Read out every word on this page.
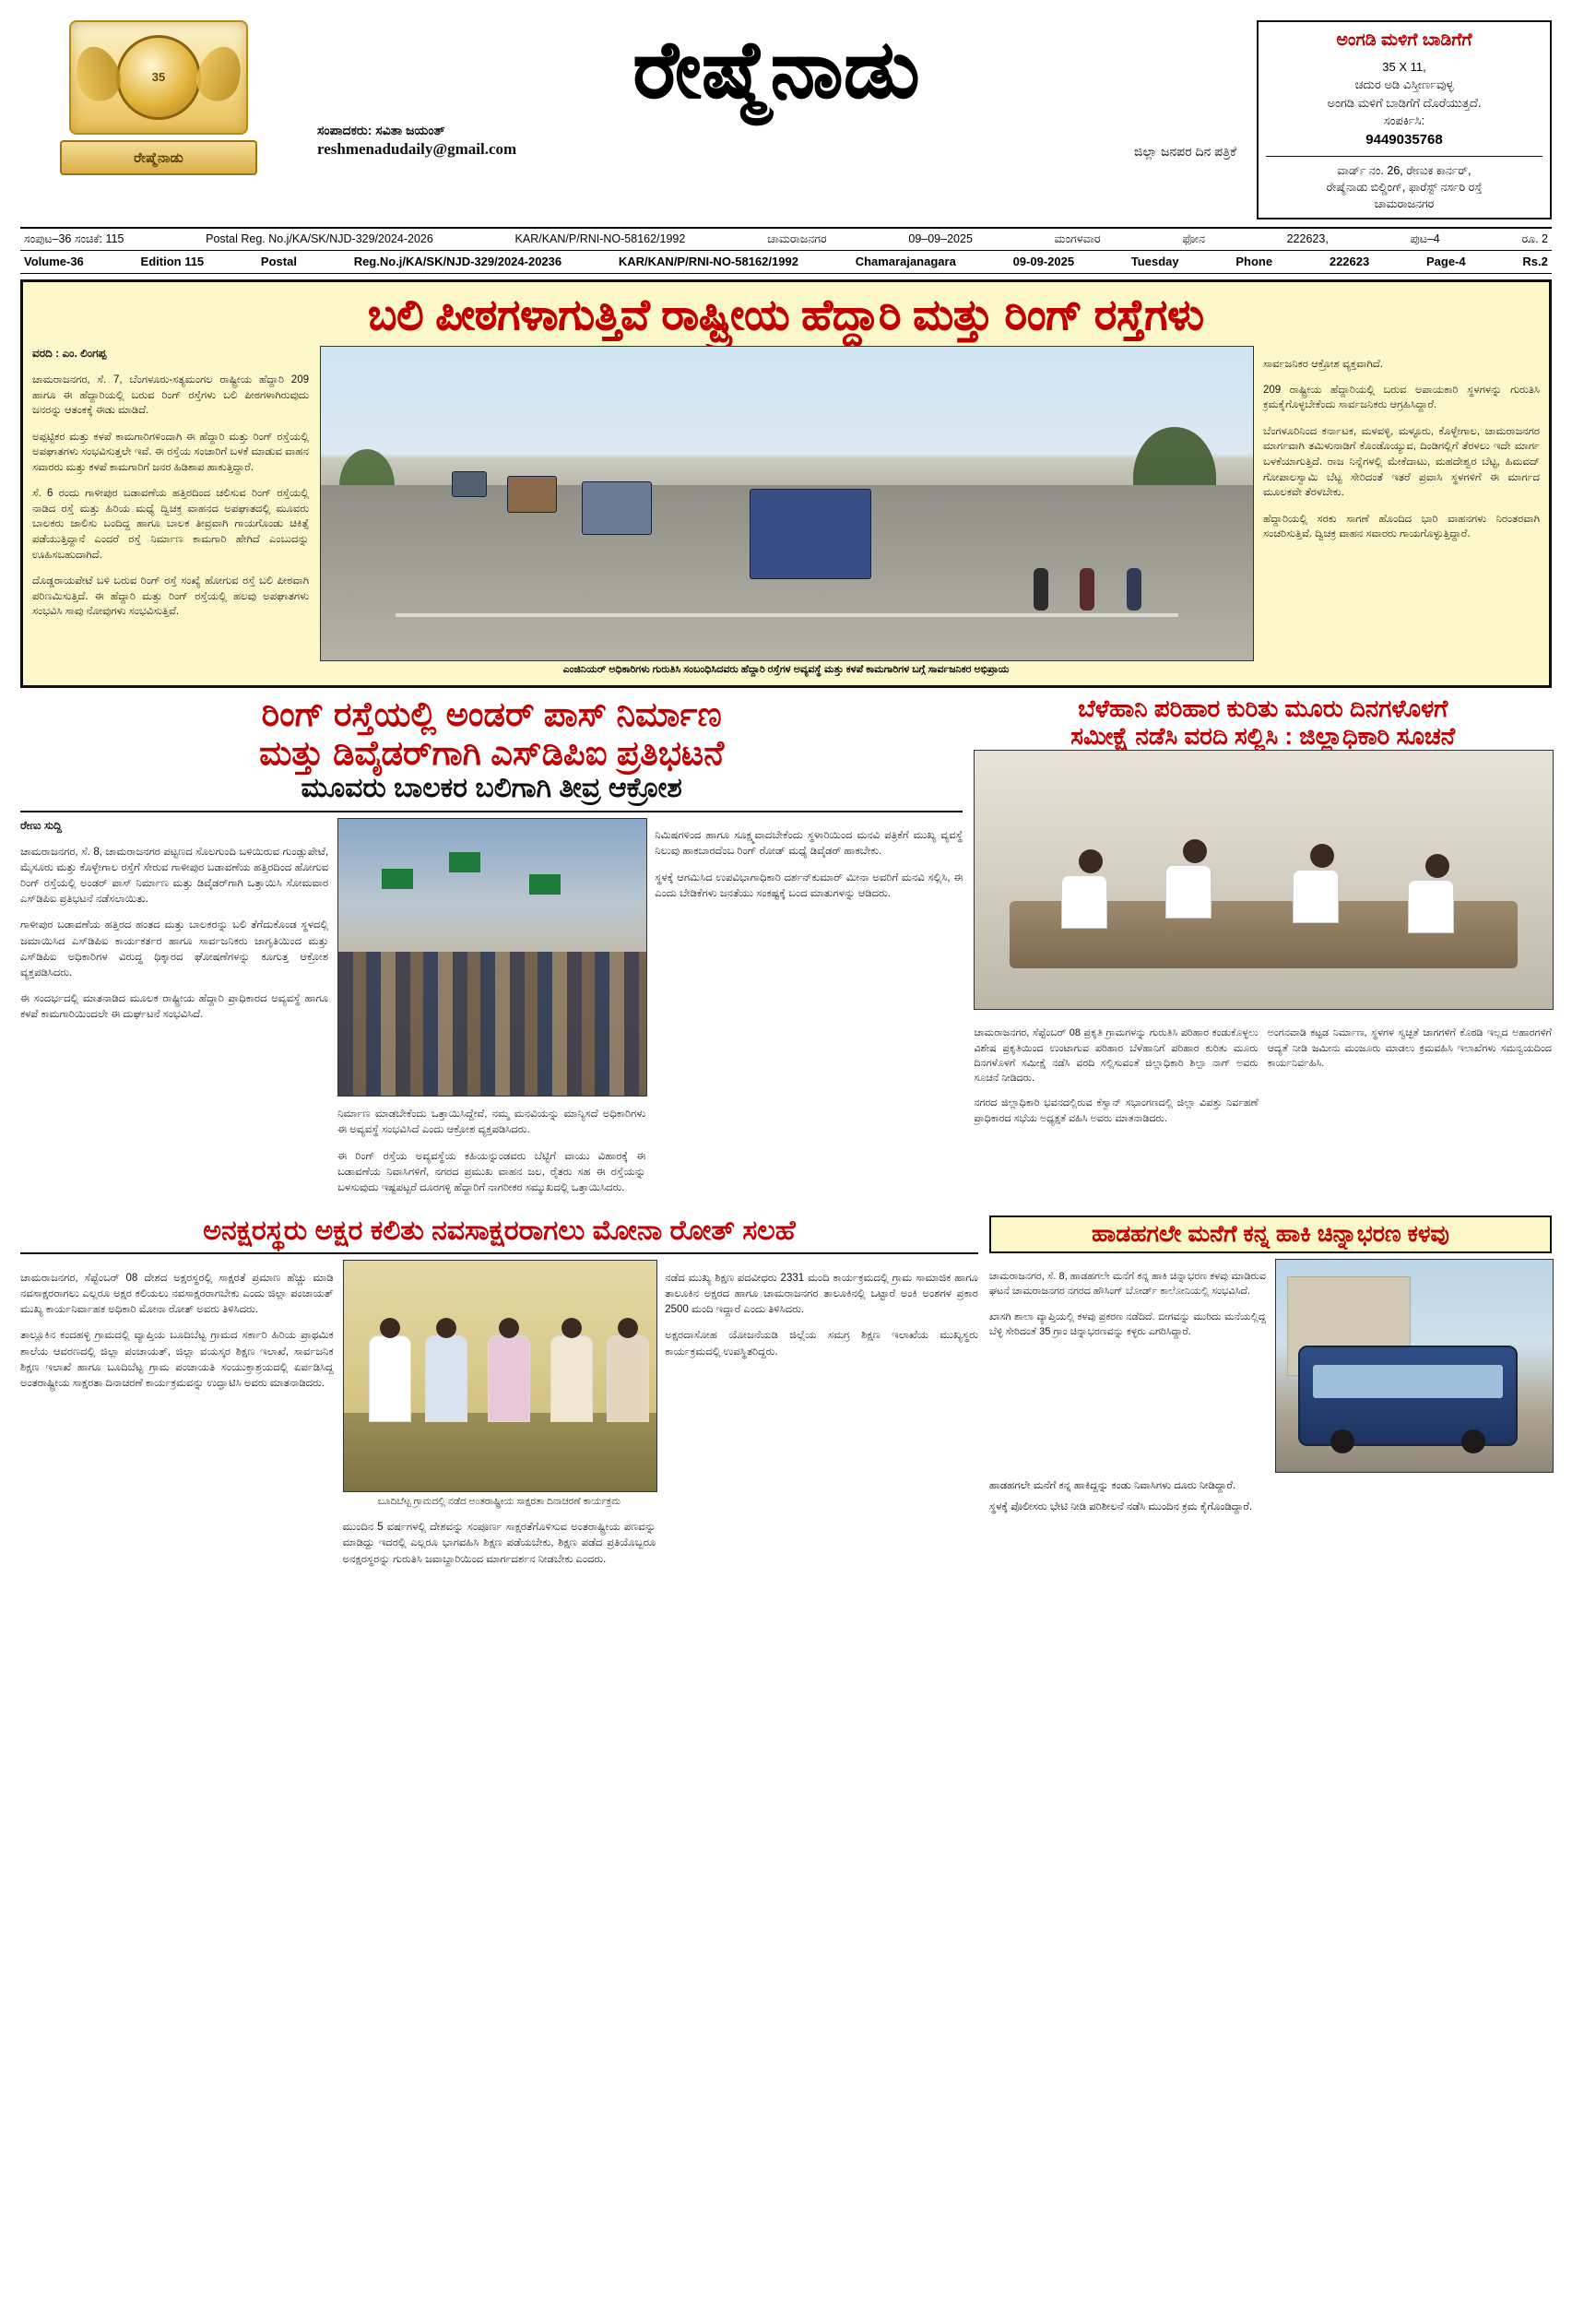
35
ರೇಷ್ಮೆನಾಡು
ರೇಷ್ಮೆನಾಡು
ಸಂಪಾದಕರು: ಸವಿತಾ ಜಯಂತ್
reshmenadudaily@gmail.com	ಜಿಲ್ಲಾ ಜನಪರ ದಿನ ಪತ್ರಿಕೆ
ಅಂಗಡಿ ಮಳಿಗೆ ಬಾಡಿಗೆಗೆ
35 X 11,
ಚದುರ ಅಡಿ ವಿಸ್ತೀರ್ಣವುಳ್ಳ
ಅಂಗಡಿ ಮಳಿಗೆ ಬಾಡಿಗೆಗೆ ದೊರೆಯುತ್ತದೆ.
ಸಂಪರ್ಕಿಸಿ:
9449035768
ವಾರ್ಡ್ ನಂ. 26, ರೇಣುಕ ಕಾರ್ನರ್,
ರೇಷ್ಮೆನಾಡು ಬಿಲ್ಡಿಂಗ್, ಫಾರೆಸ್ಟ್ ನರ್ಸರಿ ರಸ್ತೆ
ಚಾಮರಾಜನಗರ
ಸಂಪುಟ–36 ಸಂಚಿಕೆ: 115	Postal Reg. No.j/KA/SK/NJD-329/2024-2026	KAR/KAN/P/RNI-NO-58162/1992	ಚಾಮರಾಜನಗರ	09–09–2025	ಮಂಗಳವಾರ	ಫೋನ	222623,	ಪುಟ–4	ರೂ. 2
Volume-36	Edition 115	Postal	Reg.No.j/KA/SK/NJD-329/2024-20236	KAR/KAN/P/RNI-NO-58162/1992	Chamarajanagara	09-09-2025	Tuesday	Phone	222623	Page-4	Rs.2
ಬಲಿ ಪೀಠಗಳಾಗುತ್ತಿವೆ ರಾಷ್ಟ್ರೀಯ ಹೆದ್ದಾರಿ ಮತ್ತು ರಿಂಗ್ ರಸ್ತೆಗಳು
ವರದಿ : ಎಂ. ಲಿಂಗಪ್ಪ

ಚಾಮರಾಜನಗರ, ಸೆ. 7, ಬೆಂಗಳೂರು-ಸತ್ಯಮಂಗಲ ರಾಷ್ಟ್ರೀಯ ಹೆದ್ದಾರಿ 209 ಹಾಗೂ ಈ ಹೆದ್ದಾರಿಯಲ್ಲಿ ಬರುವ ರಿಂಗ್ ರಸ್ತೆಗಳು ಬಲಿ ಪೀಠಗಳಾಗಿರುವುದು ಜನರನ್ನು ಆತಂಕಕ್ಕೆ ಈಡು ಮಾಡಿದೆ.

ಅಪ್ಪಟ್ಟಿಕರ ಮತ್ತು ಕಳಪೆ ಕಾಮಗಾರಿಗಳಿಂದಾಗಿ ಈ ಹೆದ್ದಾರಿ ಮತ್ತು ರಿಂಗ್ ರಸ್ತೆಯಲ್ಲಿ ಅಪಘಾತಗಳು ಸಂಭವಿಸುತ್ತಲೇ ಇವೆ. ಈ ರಸ್ತೆಯ ಸಂಚಾರಿಗೆ ಬಳಕೆ ಮಾಡುವ ವಾಹನ ಸವಾರರು ಮತ್ತು ಕಳಪೆ ಕಾಮಗಾರಿಗೆ ಜನರ ಹಿಡಿಶಾಪ ಹಾಕುತ್ತಿದ್ದಾರೆ.

ಸೆ. 6 ರಂದು ಗಾಳೀಪುರ ಬಡಾವಣೆಯ ಹತ್ತಿರದಿಂದ ಚಲಿಸುವ ರಿಂಗ್ ರಸ್ತೆಯಲ್ಲಿ ನಾಡಿದ ರಸ್ತೆ ಮತ್ತು ಹಿರಿಯ ಮಧ್ಯೆ ದ್ವಿಚಕ್ರ ವಾಹನದ ಅಪಘಾತದಲ್ಲಿ ಮೂವರು ಬಾಲಕರು ಜಾಲಿಸು ಬಂದಿದ್ದ ಹಾಗೂ ಬಾಲಕ ತೀವ್ರವಾಗಿ ಗಾಯಗೊಂಡು ಚಿಕಿತ್ಸೆ ಪಡೆಯುತ್ತಿದ್ದಾನೆ ಎಂದರೆ ರಸ್ತೆ ನಿರ್ಮಾಣ ಕಾಮಗಾರಿ ಹೇಗಿದೆ ಎಂಬುದನ್ನು ಊಹಿಸಬಹುದಾಗಿದೆ.

ದೊಡ್ಡರಾಯಪೇಟೆ ಬಳಿ ಬರುವ ರಿಂಗ್ ರಸ್ತೆ ಸಂಖ್ಯೆ ಹೋಗುವ ರಸ್ತೆ ಬಲಿ ಪೀಠವಾಗಿ ಪರಿಣಮಿಸುತ್ತಿದೆ. ಈ ಹೆದ್ದಾರಿ ಮತ್ತು ರಿಂಗ್ ರಸ್ತೆಯಲ್ಲಿ ಹಲವು ಅಪಘಾತಗಳು ಸಂಭವಿಸಿ ಸಾವು ನೋವುಗಳು ಸಂಭವಿಸುತ್ತಿವೆ.

ಎಂಜಿನಿಯರ್ ಅಧಿಕಾರಿಗಳು ಗುರುತಿಸಿ ಸಂಬಂಧಿಸಿದವರು ಹೆದ್ದಾರಿ ರಸ್ತೆಗಳ ಅವ್ಯವಸ್ಥೆ ಮತ್ತು ಕಳಪೆ ಕಾಮಗಾರಿಗಳ ಬಗ್ಗೆ ಸಾರ್ವಜನಿಕರ ಅಭಿಪ್ರಾಯ

ಸಾರ್ವಜನಿಕರ ಆಕ್ರೋಶ ವ್ಯಕ್ತವಾಗಿದೆ.

209 ರಾಷ್ಟ್ರೀಯ ಹೆದ್ದಾರಿಯಲ್ಲಿ ಬರುವ ಅಪಾಯಕಾರಿ ಸ್ಥಳಗಳನ್ನು ಗುರುತಿಸಿ ಕ್ರಮಕೈಗೊಳ್ಳಬೇಕೆಂದು ಸಾರ್ವಜನಿಕರು ಆಗ್ರಹಿಸಿದ್ದಾರೆ.

ಬೆಂಗಳೂರಿನಿಂದ ಕರ್ನಾಟಕ, ಮಳವಳ್ಳಿ, ಮಳ್ಳೂರು, ಕೊಳ್ಳೇಗಾಲ, ಚಾಮರಾಜನಗರ ಮಾರ್ಗವಾಗಿ ತಮಿಳುನಾಡಿಗೆ ಕೊಂಡೊಯ್ಯುವ, ದಿಂಡಿಗಲ್ಲಿಗೆ ತೆರಳಲು ಇದೇ ಮಾರ್ಗ ಬಳಕೆಯಾಗುತ್ತಿದೆ. ರಾಜ ನಿನ್ನೆಗಳಲ್ಲಿ ಮೇಕೆದಾಟು, ಮಹದೇಶ್ವರ ಬೆಟ್ಟ, ಹಿಮವದ್ ಗೋಪಾಲಸ್ವಾಮಿ ಬೆಟ್ಟ ಸೇರಿದಂತೆ ಇತರೆ ಪ್ರವಾಸಿ ಸ್ಥಳಗಳಿಗೆ ಈ ಮಾರ್ಗದ ಮೂಲಕವೇ ತೆರಳಬೇಕು.

ಹೆದ್ದಾರಿಯಲ್ಲಿ ಸರಕು ಸಾಗಣೆ ಹೊಂದಿದ ಭಾರಿ ವಾಹನಗಳು ನಿರಂತರವಾಗಿ ಸಂಚರಿಸುತ್ತಿವೆ. ದ್ವಿಚಕ್ರ ವಾಹನ ಸವಾರರು ಗಾಯಗೊಳ್ಳುತ್ತಿದ್ದಾರೆ.

ರಿಂಗ್ ರಸ್ತೆಯಲ್ಲಿ ಅಂಡರ್ ಪಾಸ್ ನಿರ್ಮಾಣ
ಮತ್ತು ಡಿವೈಡರ್‌ಗಾಗಿ ಎಸ್‌ಡಿಪಿಐ ಪ್ರತಿಭಟನೆ
ಮೂವರು ಬಾಲಕರ ಬಲಿಗಾಗಿ ತೀವ್ರ ಆಕ್ರೋಶ
ರೇಣು ಸುದ್ದಿ

ಚಾಮರಾಜನಗರ, ಸೆ. 8, ಚಾಮರಾಜನಗರ ಪಟ್ಟಣದ ಸೊಲಗುಂದಿ ಬಳಿಯಿರುವ ಗುಂಡ್ಲುಪೇಟೆ, ಮೈಸೂರು ಮತ್ತು ಕೊಳ್ಳೇಗಾಲ ರಸ್ತೆಗೆ ಸೇರುವ ಗಾಳೀಪುರ ಬಡಾವಣೆಯ ಹತ್ತಿರದಿಂದ ಹೋಗುವ ರಿಂಗ್ ರಸ್ತೆಯಲ್ಲಿ ಅಂಡರ್ ಪಾಸ್ ನಿರ್ಮಾಣ ಮತ್ತು ಡಿವೈಡರ್‌ಗಾಗಿ ಒತ್ತಾಯಿಸಿ ಸೋಮವಾರ ಎಸ್‌ಡಿಪಿಐ ಪ್ರತಿಭಟನೆ ನಡೆಸಲಾಯಿತು.

ಗಾಳೀಪುರ ಬಡಾವಣೆಯ ಹತ್ತಿರದ ಹಂತದ ಮತ್ತು ಬಾಲಕರನ್ನು ಬಲಿ ತೆಗೆದುಕೊಂಡ ಸ್ಥಳದಲ್ಲಿ ಜಮಾಯಿಸಿದ ಎಸ್‌ಡಿಪಿಐ ಕಾರ್ಯಕರ್ತರ ಹಾಗೂ ಸಾರ್ವಜನಿಕರು ಜಾಗೃತಿಯಿಂದ ಮತ್ತು ಎಸ್‌ಡಿಪಿಐ ಅಧಿಕಾರಿಗಳ ವಿರುದ್ಧ ಧಿಕ್ಕಾರದ ಘೋಷಣೆಗಳನ್ನು ಕೂಗುತ್ತ ಆಕ್ರೋಶ ವ್ಯಕ್ತಪಡಿಸಿದರು.

ಈ ಸಂದರ್ಭದಲ್ಲಿ ಮಾತನಾಡಿದ ಮೂಲಕ ರಾಷ್ಟ್ರೀಯ ಹೆದ್ದಾರಿ ಪ್ರಾಧಿಕಾರದ ಅವ್ಯವಸ್ಥೆ ಹಾಗೂ ಕಳಪೆ ಕಾಮಗಾರಿಯಿಂದಲೇ ಈ ದುರ್ಘಟನೆ ಸಂಭವಿಸಿದೆ.

ನಿರ್ಮಾಣ ಮಾಡಬೇಕೆಂದು ಒತ್ತಾಯಿಸಿದ್ದೇವೆ, ನಮ್ಮ ಮನವಿಯನ್ನು ಮಾನ್ಯಿಸದೆ ಅಧಿಕಾರಿಗಳು ಈ ಅವ್ಯವಸ್ಥೆ ಸಂಭವಿಸಿದೆ ಎಂದು ಆಕ್ರೋಶ ವ್ಯಕ್ತಪಡಿಸಿದರು.

ಈ ರಿಂಗ್ ರಸ್ತೆಯ ಅವ್ಯವಸ್ಥೆಯ ಕಹಿಯನ್ನುಂಡವರು ಬೆಟ್ಟಿಗೆ ವಾಯು ವಿಹಾರಕ್ಕೆ ಈ ಬಡಾವಣೆಯ ನಿವಾಸಿಗಳಿಗೆ, ನಗರದ ಪ್ರಮುಖ ವಾಹನ ಜಲ, ರೈತರು ಸಹ ಈ ರಸ್ತೆಯನ್ನು ಬಳಸುವುದು ಇಷ್ಟಪಟ್ಟರೆ ದೂರಗಳ್ಳಿ ಹೆದ್ದಾರಿಗೆ ನಾಗರೀಕರ ಸಮ್ಮುಖದಲ್ಲಿ ಒತ್ತಾಯಿಸಿದರು.

ನಿಮಿಷಗಳಿಂದ ಹಾಗೂ ಸೂಕ್ಷ್ಮವಾದಬೇಕೆಂದು ಸ್ಥಳಾರಿಯಿಂದ ಮನವಿ ಪತ್ರಿಕೆಗೆ ಮುಖ್ಯ ವ್ಯವಸ್ಥೆ ನಿಲುವು ಹಾಕಬಾರದೆಂಬ ರಿಂಗ್ ರೋಡ್ ಮಧ್ಯೆ ಡಿವೈಡರ್ ಹಾಕಬೇಕು.

ಸ್ಥಳಕ್ಕೆ ಆಗಮಿಸಿದ ಉಪವಿಭಾಗಾಧಿಕಾರಿ ದರ್ಶನ್‌ಕುಮಾರ್ ಮೀನಾ ಅವರಿಗೆ ಮನವಿ ಸಲ್ಲಿಸಿ, ಈ ಎಂದು ಬೇಡಿಕೆಗಳು ಜನತೆಯು ಸಂಕಷ್ಟಕ್ಕೆ ಬಂದ ಮಾತುಗಳನ್ನು ಆಡಿದರು.

ಬೆಳೆಹಾನಿ ಪರಿಹಾರ ಕುರಿತು ಮೂರು ದಿನಗಳೊಳಗೆ
ಸಮೀಕ್ಷೆ ನಡೆಸಿ ವರದಿ ಸಲ್ಲಿಸಿ : ಜಿಲ್ಲಾಧಿಕಾರಿ ಸೂಚನೆ

ಚಾಮರಾಜನಗರ, ಸೆಪ್ಟೆಂಬರ್ 08 ಪ್ರಕೃತಿ ಗ್ರಾಮಗಳನ್ನು ಗುರುತಿಸಿ ಪರಿಹಾರ ಕಂಡುಕೊಳ್ಳಲು ವಿಶೇಷ ಪ್ರಕೃತಿಯಿಂದ ಉಂಟಾಗುವ ಪರಿಹಾರ ಬೆಳೆಹಾನಿಗೆ ಪರಿಹಾರ ಕುರಿತು ಮೂರು ದಿನಗಳೊಳಗೆ ಸಮೀಕ್ಷೆ ನಡೆಸಿ ವರದಿ ಸಲ್ಲಿಸುವಂತೆ ಜಿಲ್ಲಾಧಿಕಾರಿ ಶಿಲ್ಪಾ ನಾಗ್ ಅವರು ಸೂಚನೆ ನೀಡಿದರು.

ನಗರದ ಜಿಲ್ಲಾಧಿಕಾರಿ ಭವನದಲ್ಲಿರುವ ಕೆಸ್ವಾನ್ ಸಭಾಂಗಣದಲ್ಲಿ ಜಿಲ್ಲಾ ವಿಪತ್ತು ನಿರ್ವಹಣೆ ಪ್ರಾಧಿಕಾರದ ಸಭೆಯ ಅಧ್ಯಕ್ಷತೆ ವಹಿಸಿ ಅವರು ಮಾತನಾಡಿದರು.

ಅಂಗನವಾಡಿ ಕಟ್ಟಡ ನಿರ್ಮಾಣ, ಸ್ಥಳಗಳ ಸ್ವಚ್ಛತೆ ಜಾಗಗಳಿಗೆ ಕೊಠಡಿ ಇಲ್ಲದ ಅಹಾರಗಳಿಗೆ ಆದ್ಯತೆ ನೀಡಿ ಜಮೀನು ಮಂಜೂರು ಮಾಡಲು ಕ್ರಮವಹಿಸಿ ಇಲಾಖೆಗಳು ಸಮನ್ವಯದಿಂದ ಕಾರ್ಯನಿರ್ವಹಿಸಿ.

ಅನಕ್ಷರಸ್ಥರು ಅಕ್ಷರ ಕಲಿತು ನವಸಾಕ್ಷರರಾಗಲು ಮೋನಾ ರೋತ್ ಸಲಹೆ

ಚಾಮರಾಜನಗರ, ಸೆಪ್ಟೆಂಬರ್ 08 ದೇಶದ ಅಕ್ಷರಸ್ಥರಲ್ಲಿ ಸಾಕ್ಷರತೆ ಪ್ರಮಾಣ ಹೆಚ್ಚು ಮಾಡಿ ನವಸಾಕ್ಷರರಾಗಲು ಎಲ್ಲರೂ ಅಕ್ಷರ ಕಲಿಯಲು ನವಸಾಕ್ಷರರಾಗಬೇಕು ಎಂದು ಜಿಲ್ಲಾ ಪಂಚಾಯತ್ ಮುಖ್ಯ ಕಾರ್ಯನಿರ್ವಾಹಕ ಅಧಿಕಾರಿ ಮೋನಾ ರೋತ್ ಅವರು ತಿಳಿಸಿದರು.

ತಾಲ್ಲೂಕಿನ ಕಂದಹಳ್ಳಿ ಗ್ರಾಮದಲ್ಲಿ ವ್ಯಾಪ್ತಿಯ ಬೂದಿಬೆಟ್ಟ ಗ್ರಾಮದ ಸರ್ಕಾರಿ ಹಿರಿಯ ಪ್ರಾಥಮಿಕ ಶಾಲೆಯ ಆವರಣದಲ್ಲಿ ಜಿಲ್ಲಾ ಪಂಚಾಯತ್, ಜಿಲ್ಲಾ ವಯಸ್ಕರ ಶಿಕ್ಷಣ ಇಲಾಖೆ, ಸಾರ್ವಜನಿಕ ಶಿಕ್ಷಣ ಇಲಾಖೆ ಹಾಗೂ ಬೂದಿಬೆಟ್ಟ ಗ್ರಾಮ ಪಂಚಾಯತಿ ಸಂಯುಕ್ತಾಶ್ರಯದಲ್ಲಿ ಏರ್ಪಡಿಸಿದ್ದ ಅಂತರಾಷ್ಟ್ರೀಯ ಸಾಕ್ಷರತಾ ದಿನಾಚರಣೆ ಕಾರ್ಯಕ್ರಮವನ್ನು ಉದ್ಘಾಟಿಸಿ ಅವರು ಮಾತನಾಡಿದರು.

ಬೂದಿಬೆಟ್ಟ ಗ್ರಾಮದಲ್ಲಿ ನಡೆದ ಅಂತರಾಷ್ಟ್ರೀಯ ಸಾಕ್ಷರತಾ ದಿನಾಚರಣೆ ಕಾರ್ಯಕ್ರಮ

ಮುಂದಿನ 5 ವರ್ಷಗಳಲ್ಲಿ ದೇಶವನ್ನು ಸಂಪೂರ್ಣ ಸಾಕ್ಷರತೆಗೊಳಿಸುವ ಅಂತರಾಷ್ಟ್ರೀಯ ಪಣವನ್ನು ಮಾಡಿದ್ದು ಇದರಲ್ಲಿ ಎಲ್ಲರೂ ಭಾಗವಹಿಸಿ ಶಿಕ್ಷಣ ಪಡೆಯಬೇಕು, ಶಿಕ್ಷಣ ಪಡೆದ ಪ್ರತಿಯೊಬ್ಬರೂ ಅನಕ್ಷರಸ್ಥರನ್ನು ಗುರುತಿಸಿ ಜವಾಬ್ದಾರಿಯಿಂದ ಮಾರ್ಗದರ್ಶನ ನೀಡಬೇಕು ಎಂದರು.

ನಡೆದ ಮುಖ್ಯ ಶಿಕ್ಷಣ ಪದವೀಧರು 2331 ಮಂದಿ ಕಾರ್ಯಕ್ರಮದಲ್ಲಿ ಗ್ರಾಮ ಸಾಮಾಜಿಕ ಹಾಗೂ ತಾಲೂಕಿನ ಅಕ್ಷರದ ಹಾಗೂ ಚಾಮರಾಜನಗರ ತಾಲೂಕಿನಲ್ಲಿ ಒಟ್ಟಾರೆ ಅಂಕಿ ಅಂಶಗಳ ಪ್ರಕಾರ 2500 ಮಂದಿ ಇದ್ದಾರೆ ಎಂದು ತಿಳಿಸಿದರು.

ಅಕ್ಷರದಾಸೋಹ ಯೋಜನೆಯಡಿ ಜಿಲ್ಲೆಯ ಸಮಗ್ರ ಶಿಕ್ಷಣ ಇಲಾಖೆಯ ಮುಖ್ಯಸ್ಥರು ಕಾರ್ಯಕ್ರಮದಲ್ಲಿ ಉಪಸ್ಥಿತರಿದ್ದರು.

ಹಾಡಹಗಲೇ ಮನೆಗೆ ಕನ್ನ ಹಾಕಿ ಚಿನ್ನಾಭರಣ ಕಳವು

ಚಾಮರಾಜನಗರ, ಸೆ. 8, ಹಾಡಹಗಲೇ ಮನೆಗೆ ಕನ್ನ ಹಾಕಿ ಚಿನ್ನಾಭರಣ ಕಳವು ಮಾಡಿರುವ ಘಟನೆ ಚಾಮರಾಜನಗರ ನಗರದ ಹೌಸಿಂಗ್ ಬೋರ್ಡ್ ಕಾಲೋನಿಯಲ್ಲಿ ಸಂಭವಿಸಿದೆ.

ಖಾಸಗಿ ಶಾಲಾ ವ್ಯಾಪ್ತಿಯಲ್ಲಿ ಕಳವು ಪ್ರಕರಣ ನಡೆದಿದೆ. ಬೀಗವನ್ನು ಮುರಿದು ಮನೆಯಲ್ಲಿದ್ದ ಬೆಳ್ಳಿ ಸೇರಿದಂತೆ 35 ಗ್ರಾಂ ಚಿನ್ನಾಭರಣವನ್ನು ಕಳ್ಳರು ಎಗರಿಸಿದ್ದಾರೆ.

ಹಾಡಹಗಲೇ ಮನೆಗೆ ಕನ್ನ ಹಾಕಿದ್ದನ್ನು ಕಂಡು ನಿವಾಸಿಗಳು ದೂರು ನೀಡಿದ್ದಾರೆ.
ಸ್ಥಳಕ್ಕೆ ಪೊಲೀಸರು ಭೇಟಿ ನೀಡಿ ಪರಿಶೀಲನೆ ನಡೆಸಿ ಮುಂದಿನ ಕ್ರಮ ಕೈಗೊಂಡಿದ್ದಾರೆ.
